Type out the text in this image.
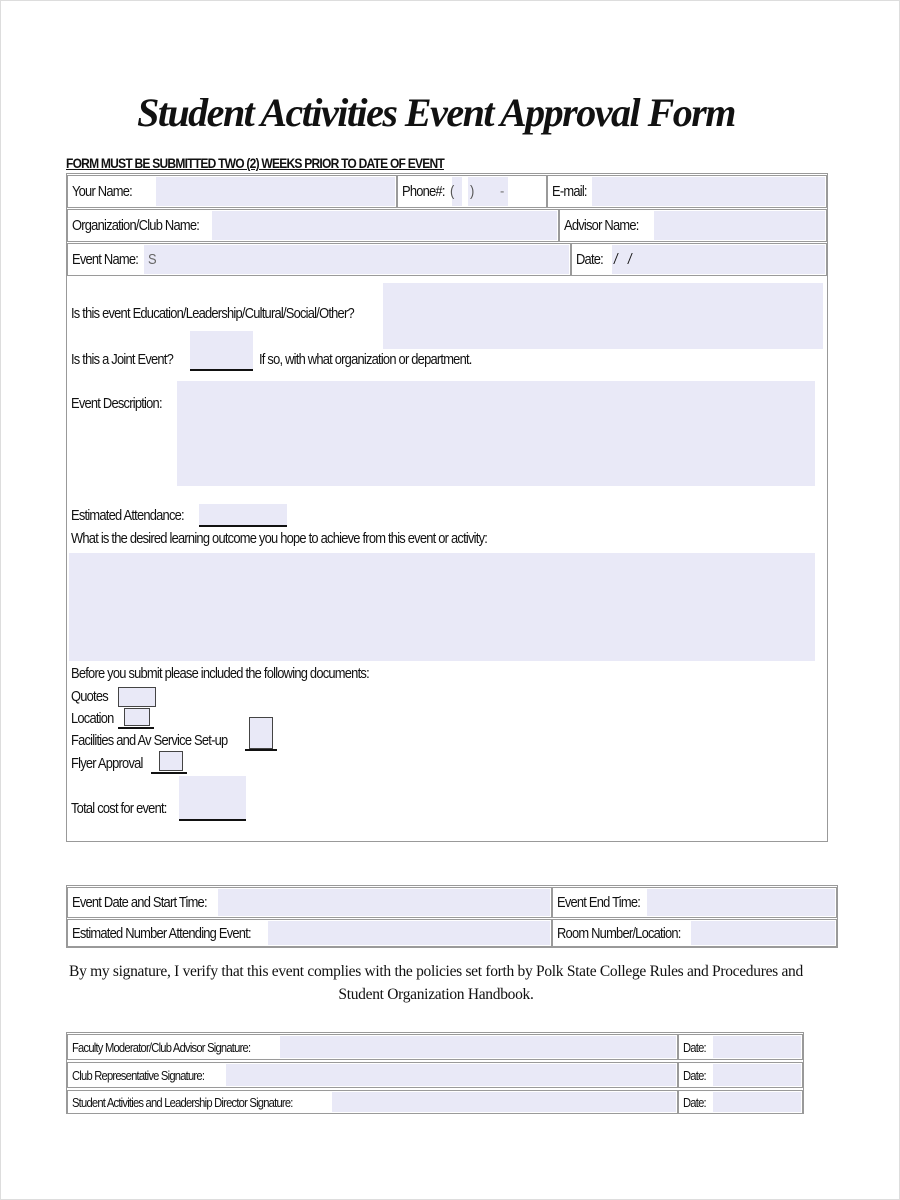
Student Activities Event Approval Form
FORM MUST BE SUBMITTED TWO (2) WEEKS PRIOR TO DATE OF EVENT
Your Name:	Phone#: ( ) -	E-mail:
Organization/Club Name:	Advisor Name:
Event Name: S	Date: /    /
Is this event Education/Leadership/Cultural/Social/Other?
Is this a Joint Event?	If so, with what organization or department.
Event Description:
Estimated Attendance:
What is the desired learning outcome you hope to achieve from this event or activity:
Before you submit please included the following documents:
Quotes
Location
Facilities and Av Service Set-up
Flyer Approval
Total cost for event:
Event Date and Start Time:	Event End Time:
Estimated Number Attending Event:	Room Number/Location:
By my signature, I verify that this event complies with the policies set forth by Polk State College Rules and Procedures and
Student Organization Handbook.
Faculty Moderator/Club Advisor Signature:	Date:
Club Representative Signature:	Date:
Student Activities and Leadership Director Signature:	Date:
